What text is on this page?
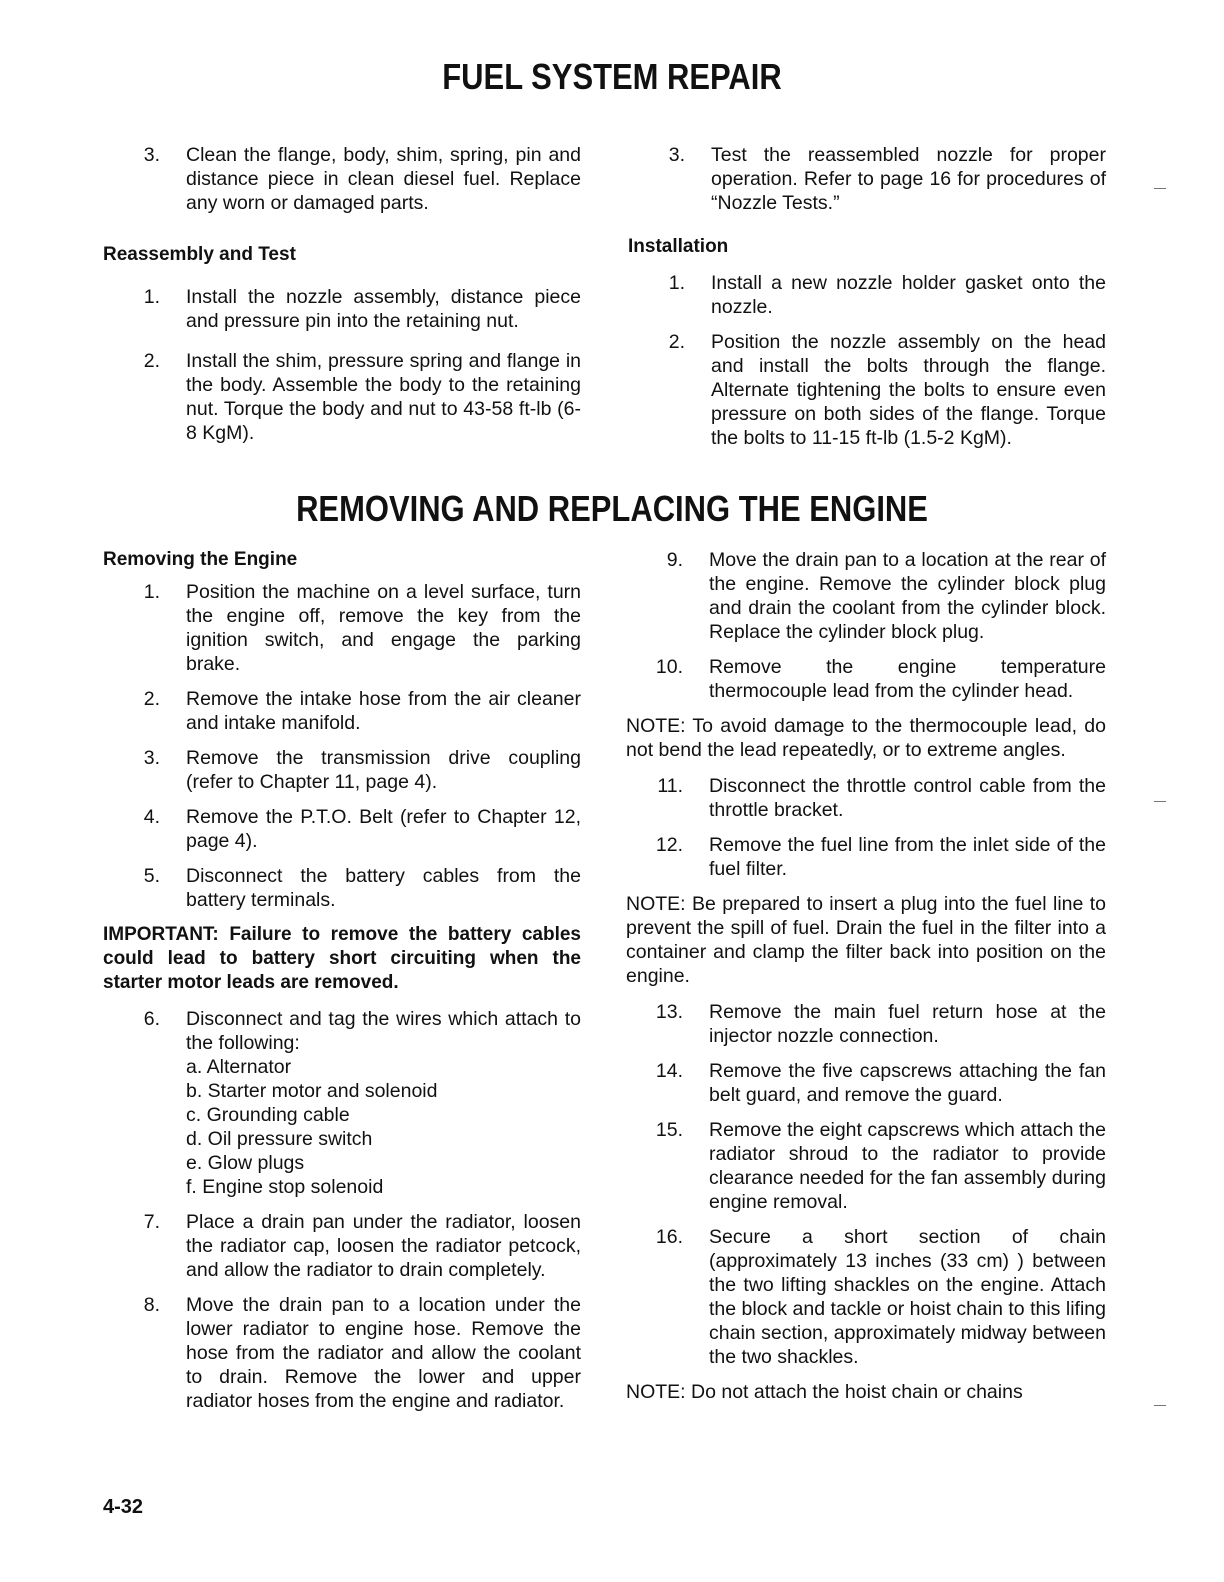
FUEL SYSTEM REPAIR
3. Clean the flange, body, shim, spring, pin and distance piece in clean diesel fuel. Replace any worn or damaged parts.
Reassembly and Test
1. Install the nozzle assembly, distance piece and pressure pin into the retaining nut.
2. Install the shim, pressure spring and flange in the body. Assemble the body to the retaining nut. Torque the body and nut to 43-58 ft-lb (6-8 KgM).
3. Test the reassembled nozzle for proper operation. Refer to page 16 for procedures of “Nozzle Tests.”
Installation
1. Install a new nozzle holder gasket onto the nozzle.
2. Position the nozzle assembly on the head and install the bolts through the flange. Alternate tightening the bolts to ensure even pressure on both sides of the flange. Torque the bolts to 11-15 ft-lb (1.5-2 KgM).
REMOVING AND REPLACING THE ENGINE
Removing the Engine
1. Position the machine on a level surface, turn the engine off, remove the key from the ignition switch, and engage the parking brake.
2. Remove the intake hose from the air cleaner and intake manifold.
3. Remove the transmission drive coupling (refer to Chapter 11, page 4).
4. Remove the P.T.O. Belt (refer to Chapter 12, page 4).
5. Disconnect the battery cables from the battery terminals.
IMPORTANT: Failure to remove the battery cables could lead to battery short circuiting when the starter motor leads are removed.
6. Disconnect and tag the wires which attach to the following:
a. Alternator
b. Starter motor and solenoid
c. Grounding cable
d. Oil pressure switch
e. Glow plugs
f. Engine stop solenoid
7. Place a drain pan under the radiator, loosen the radiator cap, loosen the radiator petcock, and allow the radiator to drain completely.
8. Move the drain pan to a location under the lower radiator to engine hose. Remove the hose from the radiator and allow the coolant to drain. Remove the lower and upper radiator hoses from the engine and radiator.
9. Move the drain pan to a location at the rear of the engine. Remove the cylinder block plug and drain the coolant from the cylinder block. Replace the cylinder block plug.
10. Remove the engine temperature thermocouple lead from the cylinder head.
NOTE: To avoid damage to the thermocouple lead, do not bend the lead repeatedly, or to extreme angles.
11. Disconnect the throttle control cable from the throttle bracket.
12. Remove the fuel line from the inlet side of the fuel filter.
NOTE: Be prepared to insert a plug into the fuel line to prevent the spill of fuel. Drain the fuel in the filter into a container and clamp the filter back into position on the engine.
13. Remove the main fuel return hose at the injector nozzle connection.
14. Remove the five capscrews attaching the fan belt guard, and remove the guard.
15. Remove the eight capscrews which attach the radiator shroud to the radiator to provide clearance needed for the fan assembly during engine removal.
16. Secure a short section of chain (approximately 13 inches (33 cm) ) between the two lifting shackles on the engine. Attach the block and tackle or hoist chain to this lifing chain section, approximately midway between the two shackles.
NOTE: Do not attach the hoist chain or chains
4-32
